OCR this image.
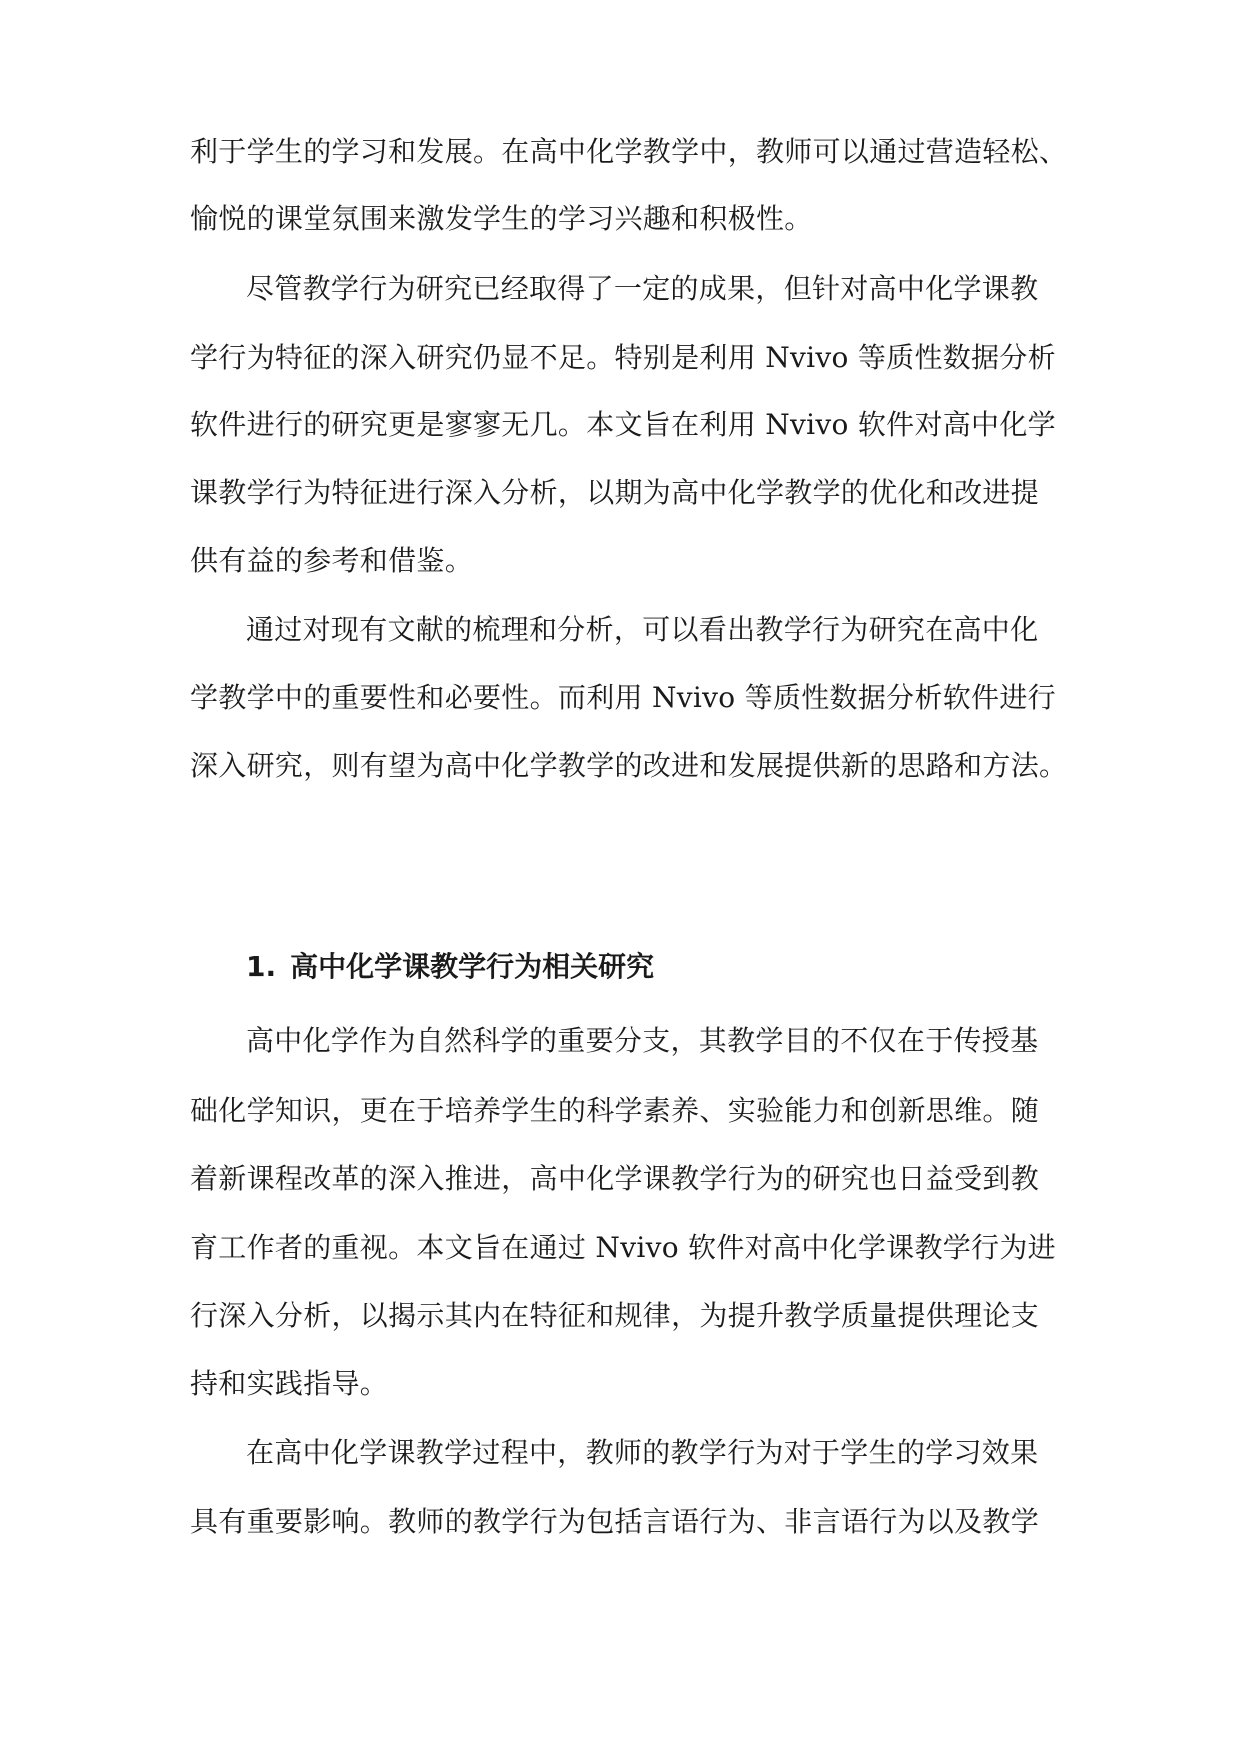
利于学生的学习和发展。在高中化学教学中，教师可以通过营造轻松、
愉悦的课堂氛围来激发学生的学习兴趣和积极性。
尽管教学行为研究已经取得了一定的成果，但针对高中化学课教
学行为特征的深入研究仍显不足。特别是利用 Nvivo 等质性数据分析
软件进行的研究更是寥寥无几。本文旨在利用 Nvivo 软件对高中化学
课教学行为特征进行深入分析，以期为高中化学教学的优化和改进提
供有益的参考和借鉴。
通过对现有文献的梳理和分析，可以看出教学行为研究在高中化
学教学中的重要性和必要性。而利用 Nvivo 等质性数据分析软件进行
深入研究，则有望为高中化学教学的改进和发展提供新的思路和方法。
1. 高中化学课教学行为相关研究
高中化学作为自然科学的重要分支，其教学目的不仅在于传授基
础化学知识，更在于培养学生的科学素养、实验能力和创新思维。随
着新课程改革的深入推进，高中化学课教学行为的研究也日益受到教
育工作者的重视。本文旨在通过 Nvivo 软件对高中化学课教学行为进
行深入分析，以揭示其内在特征和规律，为提升教学质量提供理论支
持和实践指导。
在高中化学课教学过程中，教师的教学行为对于学生的学习效果
具有重要影响。教师的教学行为包括言语行为、非言语行为以及教学
